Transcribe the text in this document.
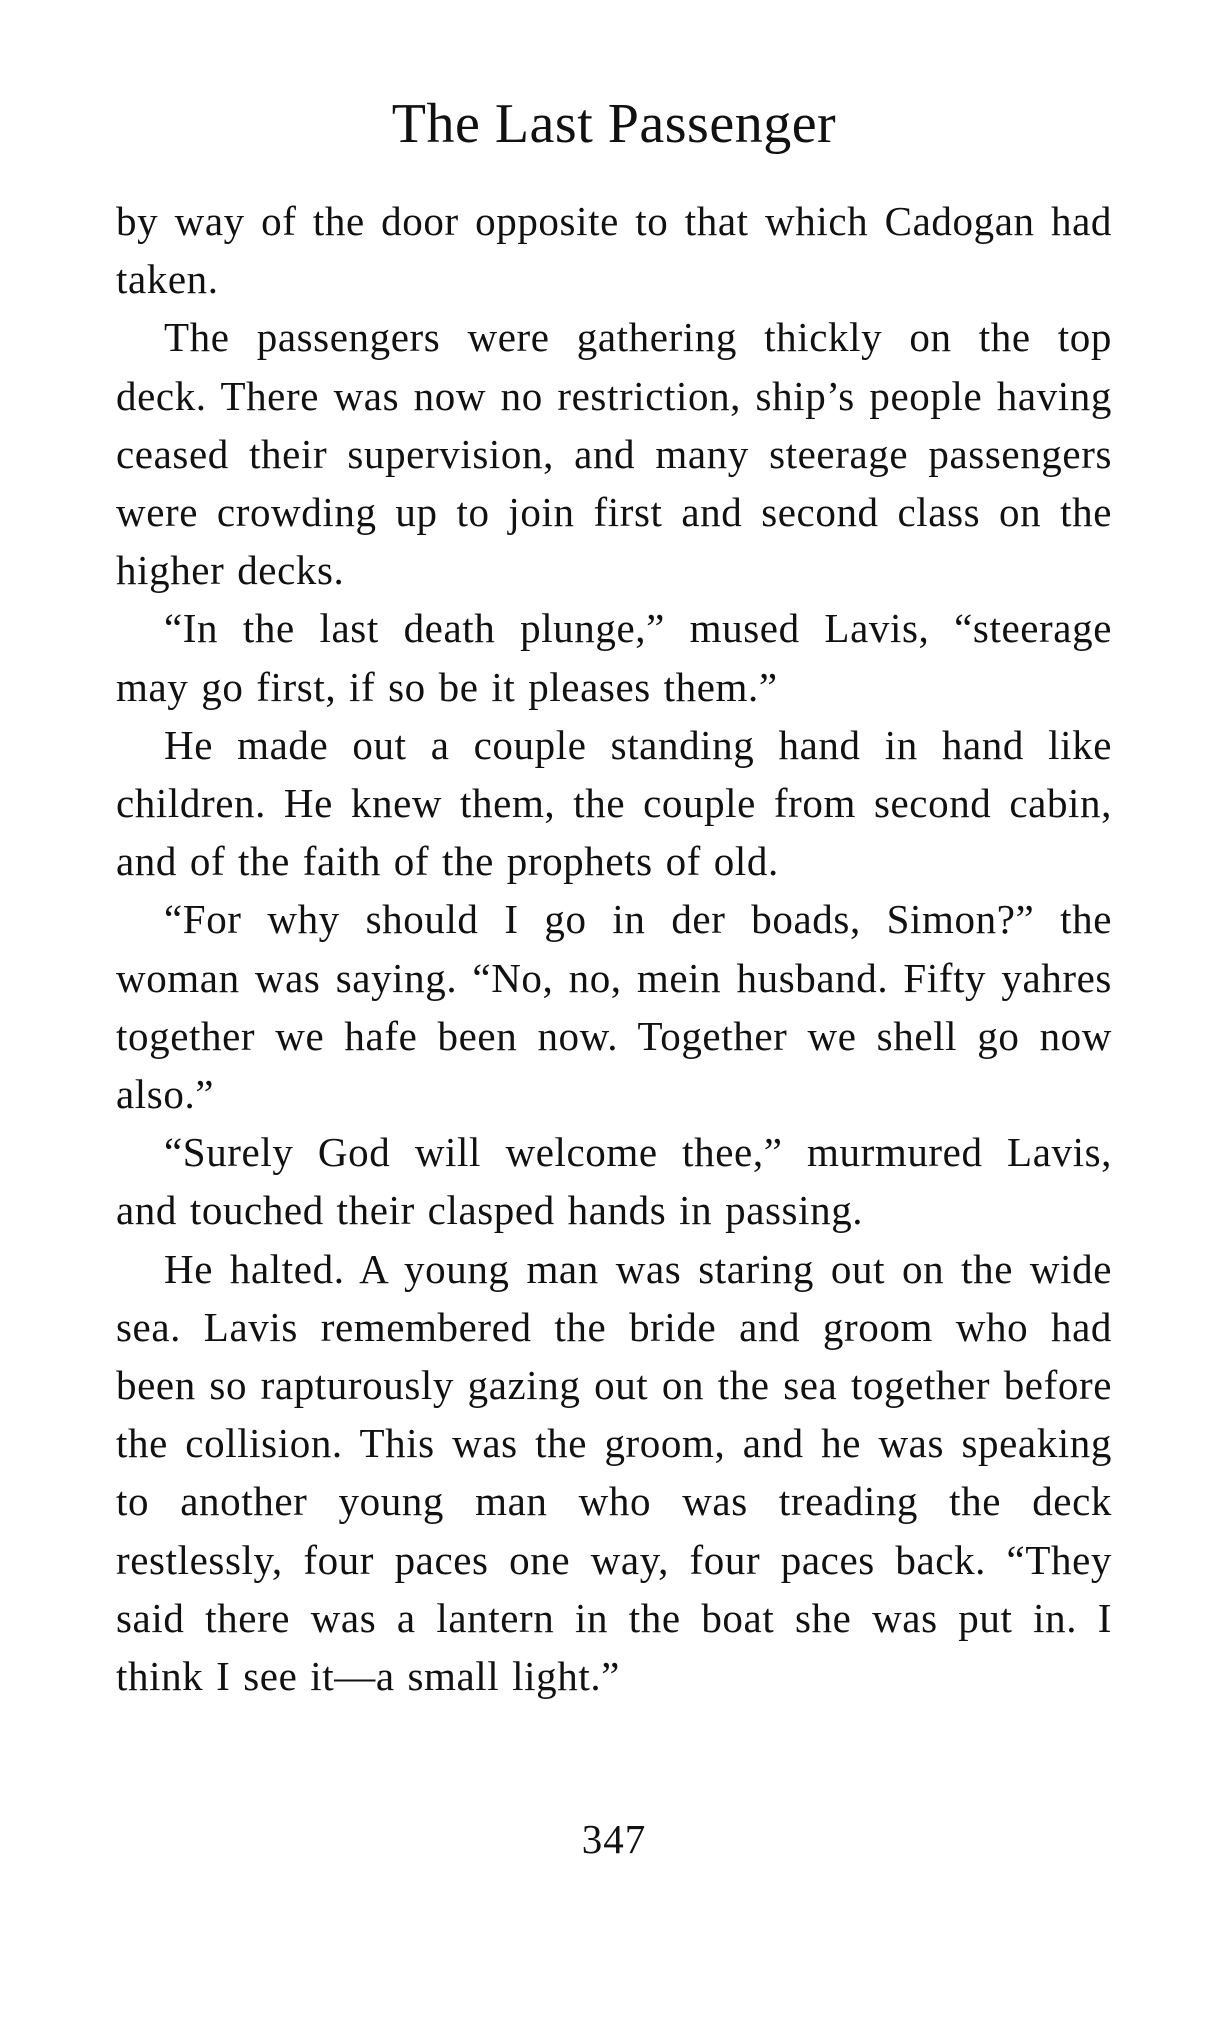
The Last Passenger

by way of the door opposite to that which Cadogan had taken.

The passengers were gathering thickly on the top deck. There was now no restriction, ship’s people having ceased their supervision, and many steerage passengers were crowding up to join first and second class on the higher decks.

“In the last death plunge,” mused Lavis, “steerage may go first, if so be it pleases them.”

He made out a couple standing hand in hand like children. He knew them, the couple from second cabin, and of the faith of the prophets of old.

“For why should I go in der boads, Simon?” the woman was saying. “No, no, mein husband. Fifty yahres together we hafe been now. Together we shell go now also.”

“Surely God will welcome thee,” murmured Lavis, and touched their clasped hands in passing.

He halted. A young man was staring out on the wide sea. Lavis remembered the bride and groom who had been so rapturously gazing out on the sea together before the collision. This was the groom, and he was speaking to another young man who was treading the deck restlessly, four paces one way, four paces back. “They said there was a lantern in the boat she was put in. I think I see it—a small light.”

347
